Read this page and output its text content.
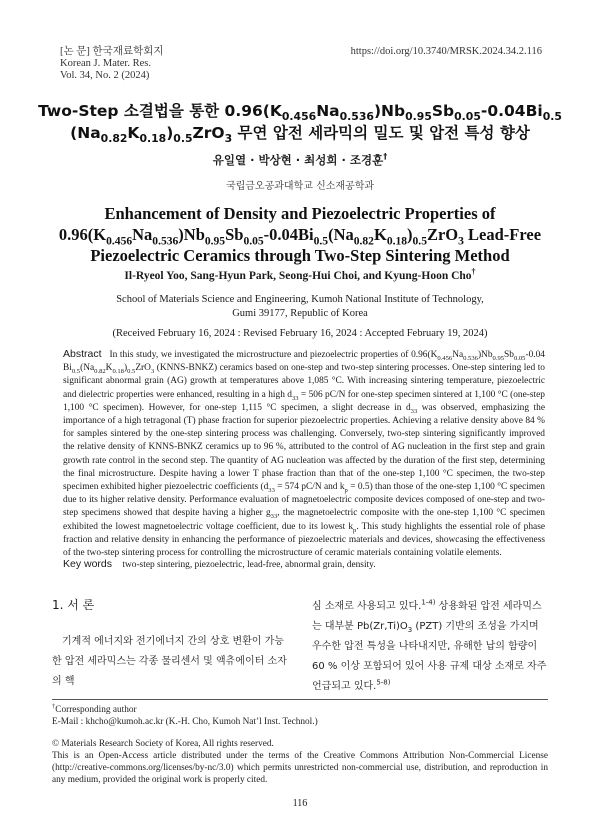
[논 문] 한국재료학회지
Korean J. Mater. Res.
Vol. 34, No. 2 (2024)
https://doi.org/10.3740/MRSK.2024.34.2.116
Two-Step 소결법을 통한 $0.96(K_{0.456}Na_{0.536})Nb_{0.95}Sb_{0.05}-0.04Bi_{0.5}$
$(Na_{0.82}K_{0.18})_{0.5}ZrO_3$ 무연 압전 세라믹의 밀도 및 압전 특성 향상
유일열 · 박상현 · 최성희 · 조경훈†
국립금오공과대학교 신소재공학과
Enhancement of Density and Piezoelectric Properties of
$0.96(K_{0.456}Na_{0.536})Nb_{0.95}Sb_{0.05}-0.04Bi_{0.5}(Na_{0.82}K_{0.18})_{0.5}ZrO_3$ Lead-Free
Piezoelectric Ceramics through Two-Step Sintering Method
Il-Ryeol Yoo, Sang-Hyun Park, Seong-Hui Choi, and Kyung-Hoon Cho†
School of Materials Science and Engineering, Kumoh National Institute of Technology,
Gumi 39177, Republic of Korea
(Received February 16, 2024 : Revised February 16, 2024 : Accepted February 19, 2024)
Abstract In this study, we investigated the microstructure and piezoelectric properties of $0.96(K_{0.456}Na_{0.536})Nb_{0.95}Sb_{0.05}-0.04$ $Bi_{0.5}(Na_{0.82}K_{0.18})_{0.5}ZrO_3$ (KNNS-BNKZ) ceramics based on one-step and two-step sintering processes. One-step sintering led to significant abnormal grain (AG) growth at temperatures above 1,085 °C. With increasing sintering temperature, piezoelectric and dielectric properties were enhanced, resulting in a high $d_{33} = 506$ pC/N for one-step specimen sintered at 1,100 °C (one-step 1,100 °C specimen). However, for one-step 1,115 °C specimen, a slight decrease in $d_{33}$ was observed, emphasizing the importance of a high tetragonal (T) phase fraction for superior piezoelectric properties. Achieving a relative density above 84 % for samples sintered by the one-step sintering process was challenging. Conversely, two-step sintering significantly improved the relative density of KNNS-BNKZ ceramics up to 96 %, attributed to the control of AG nucleation in the first step and grain growth rate control in the second step. The quantity of AG nucleation was affected by the duration of the first step, determining the final microstructure. Despite having a lower T phase fraction than that of the one-step 1,100 °C specimen, the two-step specimen exhibited higher piezoelectric coefficients ($d_{33} = 574$ pC/N and $k_p = 0.5$) than those of the one-step 1,100 °C specimen due to its higher relative density. Performance evaluation of magnetoelectric composite devices composed of one-step and two-step specimens showed that despite having a higher $g_{33}$, the magnetoelectric composite with the one-step 1,100 °C specimen exhibited the lowest magnetoelectric voltage coefficient, due to its lowest $k_p$. This study highlights the essential role of phase fraction and relative density in enhancing the performance of piezoelectric materials and devices, showcasing the effectiveness of the two-step sintering process for controlling the microstructure of ceramic materials containing volatile elements.
Key words two-step sintering, piezoelectric, lead-free, abnormal grain, density.
1. 서 론
기계적 에너지와 전기에너지 간의 상호 변환이 가능한 압전 세라믹스는 각종 물리센서 및 액츄에이터 소자의 핵
심 소재로 사용되고 있다.$^{1-4)}$ 상용화된 압전 세라믹스는 대부분 $Pb(Zr,Ti)O_3$ (PZT) 기반의 조성을 가지며 우수한 압전 특성을 나타내지만, 유해한 납의 함량이 60 % 이상 포함되어 있어 사용 규제 대상 소재로 자주 언급되고 있다.$^{5-8)}$
†Corresponding author
E-Mail : khcho@kumoh.ac.kr (K.-H. Cho, Kumoh Nat’l Inst. Technol.)
© Materials Research Society of Korea, All rights reserved.
This is an Open-Access article distributed under the terms of the Creative Commons Attribution Non-Commercial License (http://creative-commons.org/licenses/by-nc/3.0) which permits unrestricted non-commercial use, distribution, and reproduction in any medium, provided the original work is properly cited.
116
